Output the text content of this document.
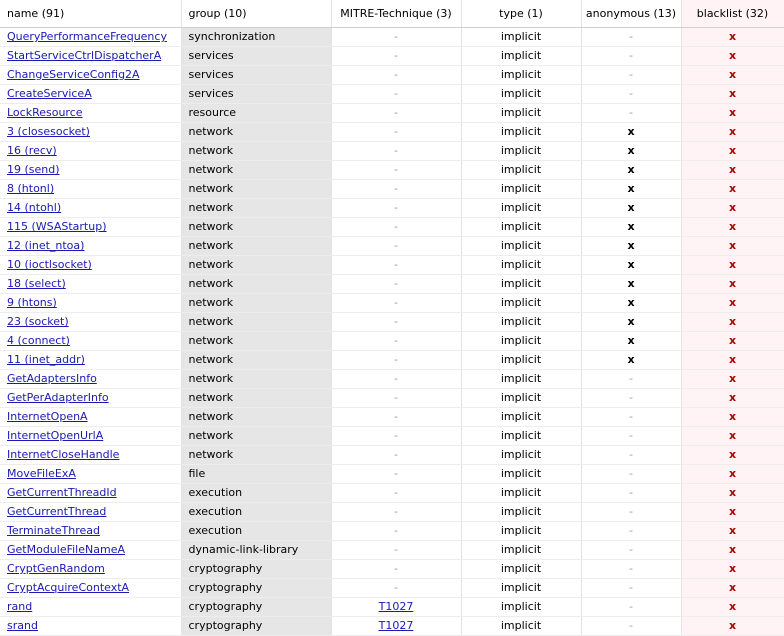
name (91)	group (10)	MITRE-Technique (3)	type (1)	anonymous (13)	blacklist (32)
QueryPerformanceFrequency	synchronization	-	implicit	-	x
StartServiceCtrlDispatcherA	services	-	implicit	-	x
ChangeServiceConfig2A	services	-	implicit	-	x
CreateServiceA	services	-	implicit	-	x
LockResource	resource	-	implicit	-	x
3 (closesocket)	network	-	implicit	x	x
16 (recv)	network	-	implicit	x	x
19 (send)	network	-	implicit	x	x
8 (htonl)	network	-	implicit	x	x
14 (ntohl)	network	-	implicit	x	x
115 (WSAStartup)	network	-	implicit	x	x
12 (inet_ntoa)	network	-	implicit	x	x
10 (ioctlsocket)	network	-	implicit	x	x
18 (select)	network	-	implicit	x	x
9 (htons)	network	-	implicit	x	x
23 (socket)	network	-	implicit	x	x
4 (connect)	network	-	implicit	x	x
11 (inet_addr)	network	-	implicit	x	x
GetAdaptersInfo	network	-	implicit	-	x
GetPerAdapterInfo	network	-	implicit	-	x
InternetOpenA	network	-	implicit	-	x
InternetOpenUrlA	network	-	implicit	-	x
InternetCloseHandle	network	-	implicit	-	x
MoveFileExA	file	-	implicit	-	x
GetCurrentThreadId	execution	-	implicit	-	x
GetCurrentThread	execution	-	implicit	-	x
TerminateThread	execution	-	implicit	-	x
GetModuleFileNameA	dynamic-link-library	-	implicit	-	x
CryptGenRandom	cryptography	-	implicit	-	x
CryptAcquireContextA	cryptography	-	implicit	-	x
rand	cryptography	T1027	implicit	-	x
srand	cryptography	T1027	implicit	-	x
